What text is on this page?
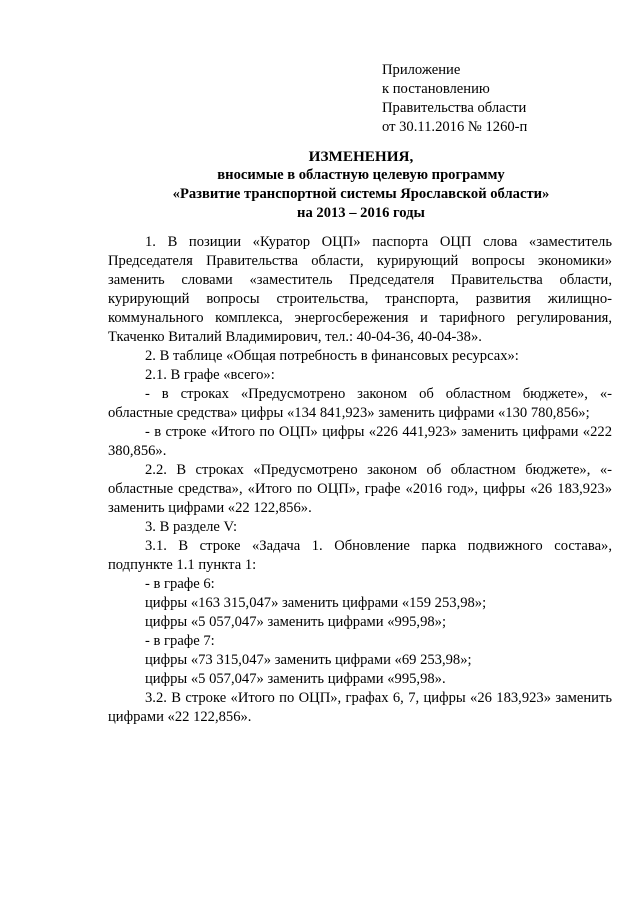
Приложение
к постановлению
Правительства области
от 30.11.2016 № 1260-п
ИЗМЕНЕНИЯ,
вносимые в областную целевую программу
«Развитие транспортной системы Ярославской области»
на 2013 – 2016 годы

1. В позиции «Куратор ОЦП» паспорта ОЦП слова «заместитель Председателя Правительства области, курирующий вопросы экономики» заменить словами «заместитель Председателя Правительства области, курирующий вопросы строительства, транспорта, развития жилищно-коммунального комплекса, энергосбережения и тарифного регулирования, Ткаченко Виталий Владимирович, тел.: 40-04-36, 40-04-38».

2. В таблице «Общая потребность в финансовых ресурсах»:

2.1. В графе «всего»:

- в строках «Предусмотрено законом об областном бюджете», «- областные средства» цифры «134 841,923» заменить цифрами «130 780,856»;

- в строке «Итого по ОЦП» цифры «226 441,923» заменить цифрами «222 380,856».

2.2. В строках «Предусмотрено законом об областном бюджете», «- областные средства», «Итого по ОЦП», графе «2016 год», цифры «26 183,923» заменить цифрами «22 122,856».

3. В разделе V:

3.1. В строке «Задача 1. Обновление парка подвижного состава», подпункте 1.1 пункта 1:

- в графе 6:

цифры «163 315,047» заменить цифрами «159 253,98»;

цифры «5 057,047» заменить цифрами «995,98»;

- в графе 7:

цифры «73 315,047» заменить цифрами «69 253,98»;

цифры «5 057,047» заменить цифрами «995,98».

3.2. В строке «Итого по ОЦП», графах 6, 7, цифры «26 183,923» заменить цифрами «22 122,856».
